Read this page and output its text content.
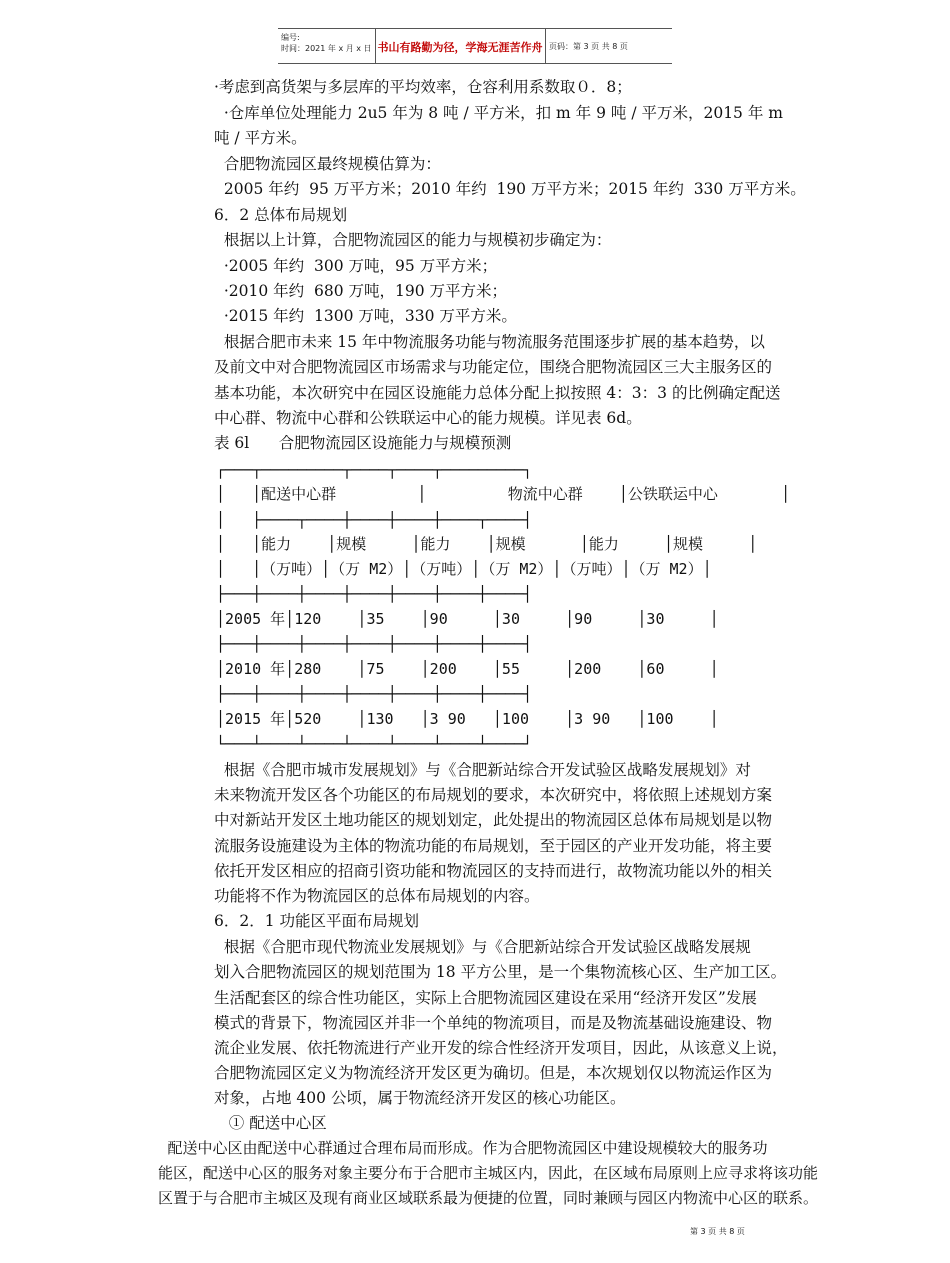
编号:
时间：2021 年 x 月 x 日 书山有路勤为径，学海无涯苦作舟 页码：第 3 页 共 8 页
·考虑到高货架与多层库的平均效率，仓容利用系数取０．8；
·仓库单位处理能力 2u5 年为 8 吨 / 平方米，扣 m 年 9 吨 / 平万米，2015 年 m
吨 / 平方米。
合肥物流园区最终规模估算为：
2005 年约  95 万平方米；2010 年约  190 万平方米；2015 年约  330 万平方米。
6．2 总体布局规划
根据以上计算，合肥物流园区的能力与规模初步确定为：
·2005 年约  300 万吨，95 万平方米；
·2010 年约  680 万吨，190 万平方米；
·2015 年约  1300 万吨，330 万平方米。
根据合肥市未来 15 年中物流服务功能与物流服务范围逐步扩展的基本趋势，以
及前文中对合肥物流园区市场需求与功能定位，围绕合肥物流园区三大主服务区的
基本功能，本次研究中在园区设施能力总体分配上拟按照 4：3：3 的比例确定配送
中心群、物流中心群和公铁联运中心的能力规模。详见表 6d。
表 6l      合肥物流园区设施能力与规模预测
┌───┬─────────┬────┬────┬─────────┐
│   │配送中心群         │         物流中心群    │公铁联运中心       │
│   ├────┬────┼────┼────┼────┬────┤
│   │能力    │规模     │能力    │规模      │能力     │规模     │
│   │（万吨）│（万 M2）│（万吨）│（万 M2）│（万吨）│（万 M2）│
├───┼────┼────┼────┼────┼────┼────┤
│2005 年│120    │35    │90     │30     │90     │30     │
├───┼────┼────┼────┼────┼────┼────┤
│2010 年│280    │75    │200    │55     │200    │60     │
├───┼────┼────┼────┼────┼────┼────┤
│2015 年│520    │130   │3 90   │100    │3 90   │100    │
└───┴────┴────┴────┴────┴────┴────┘
根据《合肥市城市发展规划》与《合肥新站综合开发试验区战略发展规划》对
未来物流开发区各个功能区的布局规划的要求，本次研究中，将依照上述规划方案
中对新站开发区土地功能区的规划划定，此处提出的物流园区总体布局规划是以物
流服务设施建设为主体的物流功能的布局规划，至于园区的产业开发功能，将主要
依托开发区相应的招商引资功能和物流园区的支持而进行，故物流功能以外的相关
功能将不作为物流园区的总体布局规划的内容。
6．2．1 功能区平面布局规划
根据《合肥市现代物流业发展规划》与《合肥新站综合开发试验区战略发展规
划入合肥物流园区的规划范围为 18 平方公里，是一个集物流核心区、生产加工区。
生活配套区的综合性功能区，实际上合肥物流园区建设在采用“经济开发区”发展
模式的背景下，物流园区并非一个单纯的物流项目，而是及物流基础设施建设、物
流企业发展、依托物流进行产业开发的综合性经济开发项目，因此，从该意义上说，
合肥物流园区定义为物流经济开发区更为确切。但是，本次规划仅以物流运作区为
对象，占地 400 公顷，属于物流经济开发区的核心功能区。
① 配送中心区
配送中心区由配送中心群通过合理布局而形成。作为合肥物流园区中建设规模较大的服务功
能区，配送中心区的服务对象主要分布于合肥市主城区内，因此，在区域布局原则上应寻求将该功能
区置于与合肥市主城区及现有商业区域联系最为便捷的位置，同时兼顾与园区内物流中心区的联系。
第 3 页 共 8 页
